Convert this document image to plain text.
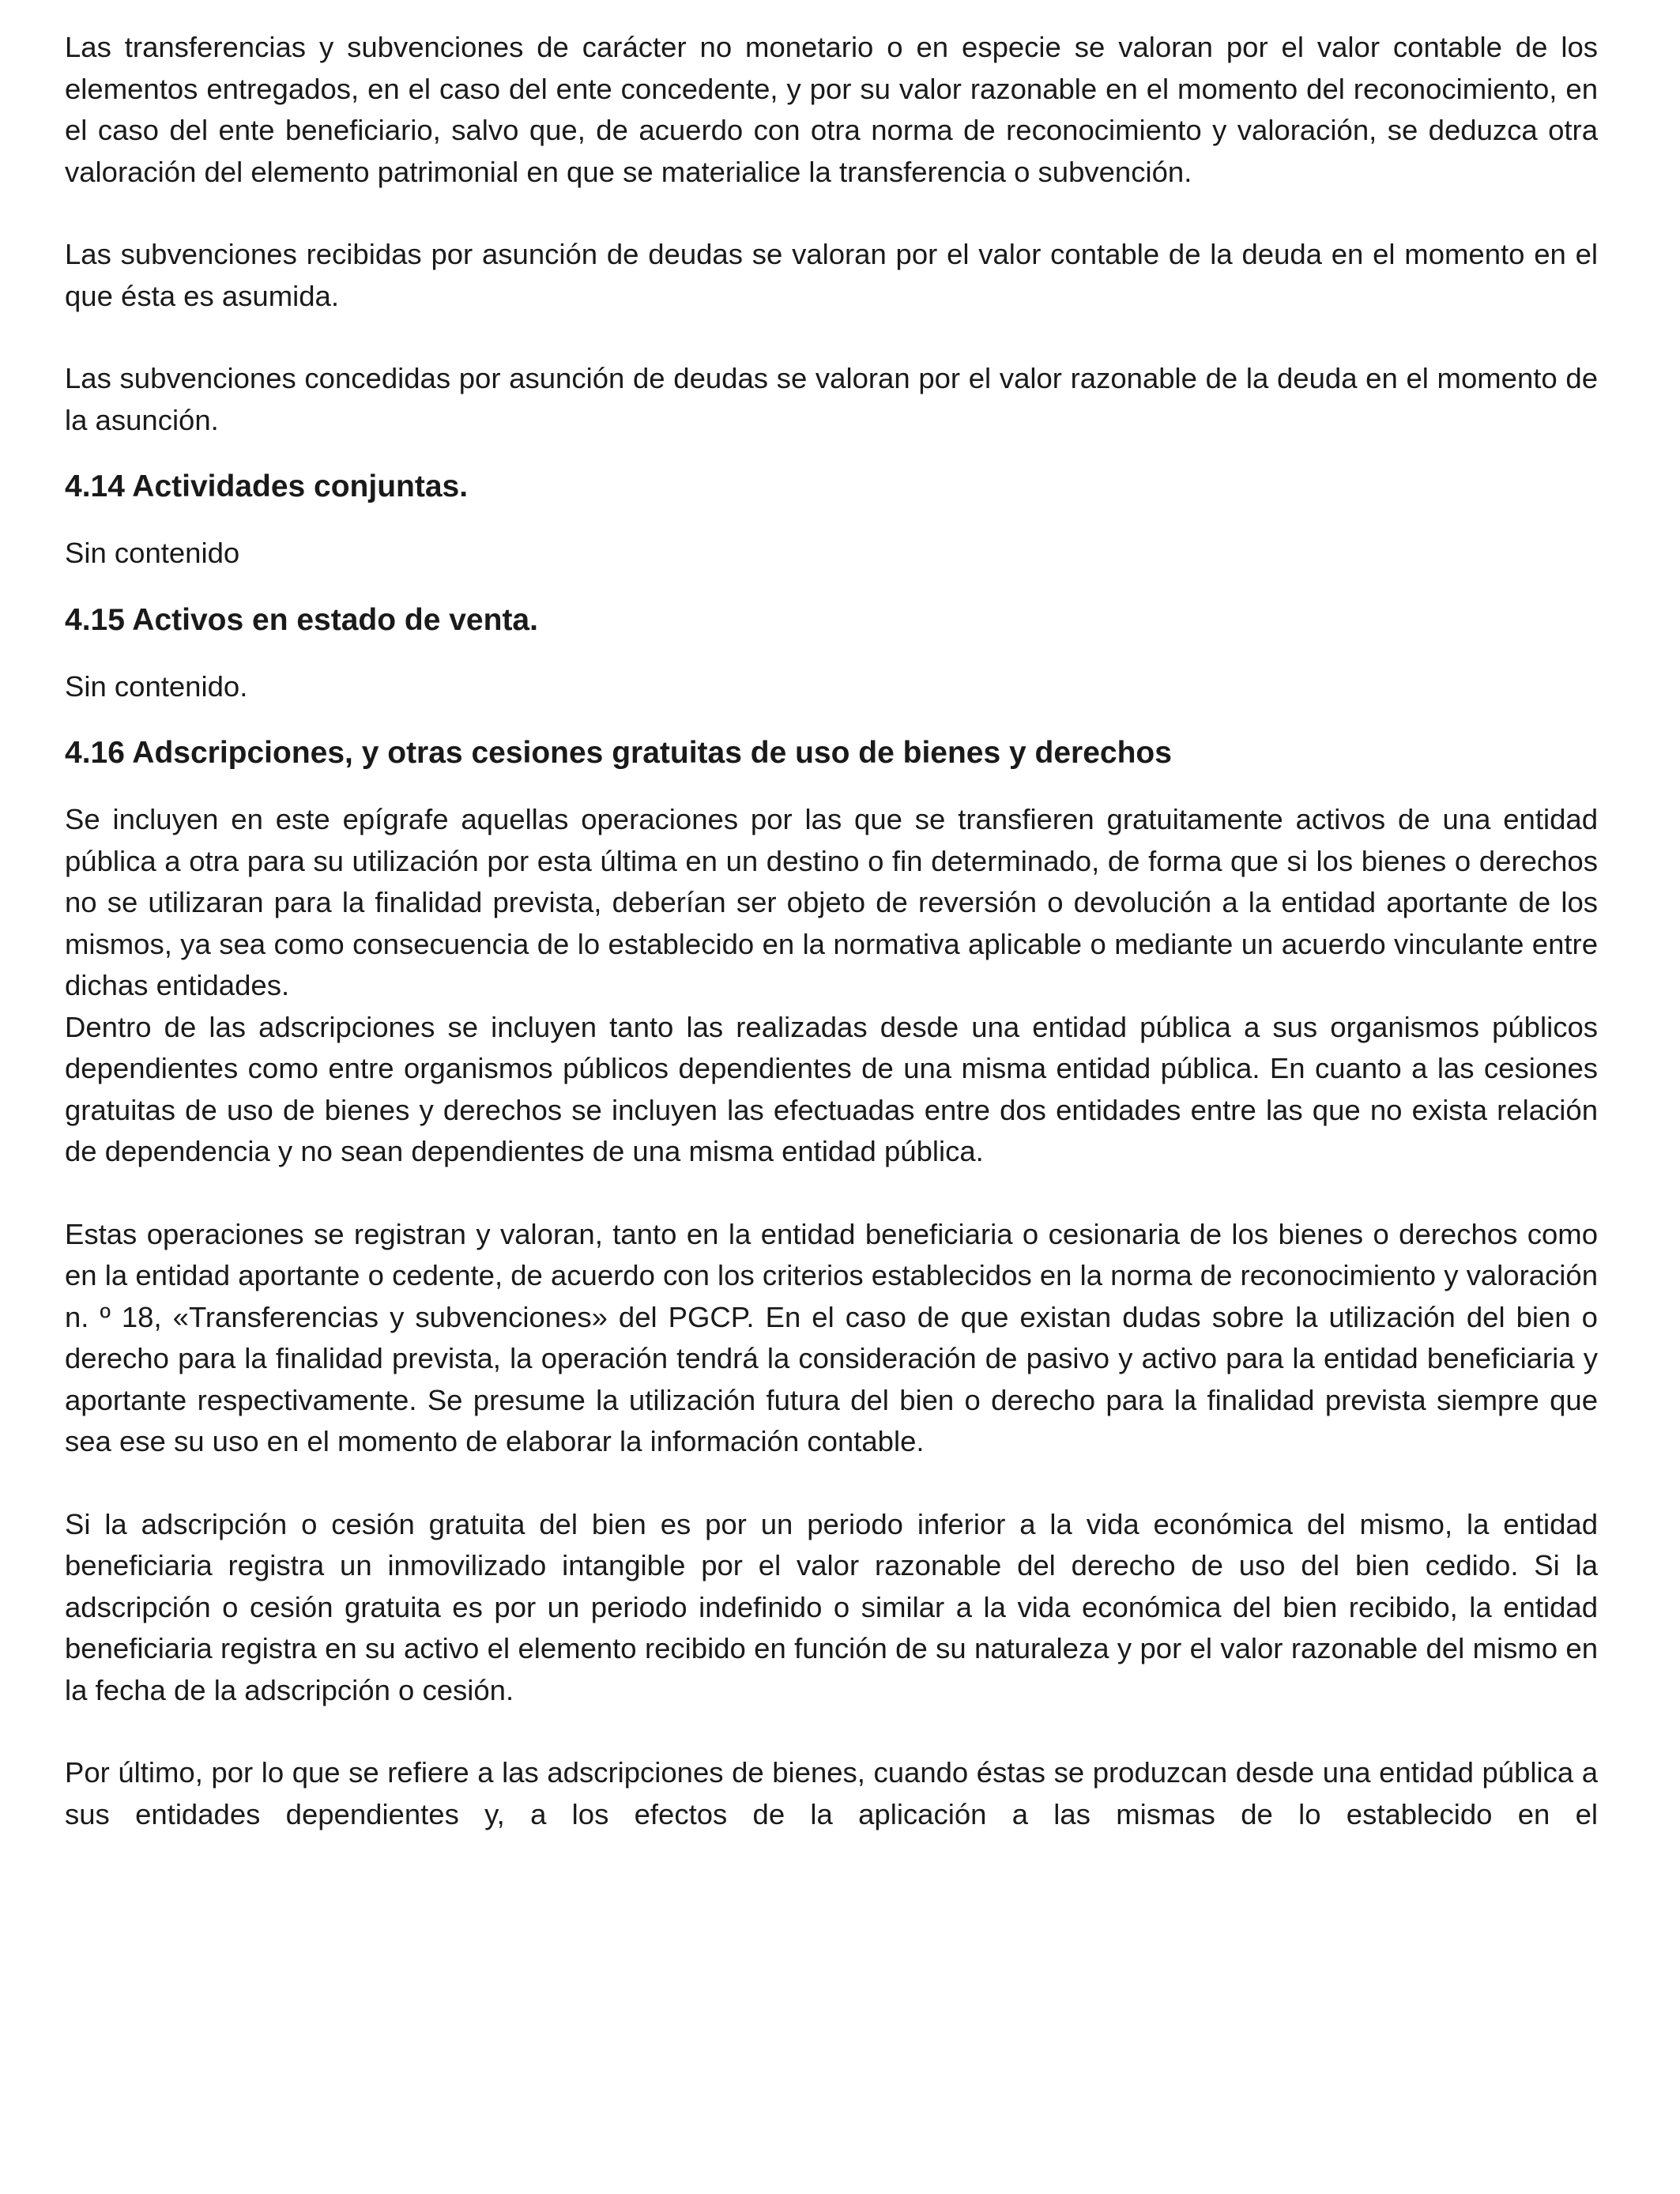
Las transferencias y subvenciones de carácter no monetario o en especie se valoran por el valor contable de los elementos entregados, en el caso del ente concedente, y por su valor razonable en el momento del reconocimiento, en el caso del ente beneficiario, salvo que, de acuerdo con otra norma de reconocimiento y valoración, se deduzca otra valoración del elemento patrimonial en que se materialice la transferencia o subvención.

Las subvenciones recibidas por asunción de deudas se valoran por el valor contable de la deuda en el momento en el que ésta es asumida.

Las subvenciones concedidas por asunción de deudas se valoran por el valor razonable de la deuda en el momento de la asunción.

4.14 Actividades conjuntas.

Sin contenido

4.15 Activos en estado de venta.

Sin contenido.

4.16 Adscripciones, y otras cesiones gratuitas de uso de bienes y derechos

Se incluyen en este epígrafe aquellas operaciones por las que se transfieren gratuitamente activos de una entidad pública a otra para su utilización por esta última en un destino o fin determinado, de forma que si los bienes o derechos no se utilizaran para la finalidad prevista, deberían ser objeto de reversión o devolución a la entidad aportante de los mismos, ya sea como consecuencia de lo establecido en la normativa aplicable o mediante un acuerdo vinculante entre dichas entidades.

Dentro de las adscripciones se incluyen tanto las realizadas desde una entidad pública a sus organismos públicos dependientes como entre organismos públicos dependientes de una misma entidad pública. En cuanto a las cesiones gratuitas de uso de bienes y derechos se incluyen las efectuadas entre dos entidades entre las que no exista relación de dependencia y no sean dependientes de una misma entidad pública.

Estas operaciones se registran y valoran, tanto en la entidad beneficiaria o cesionaria de los bienes o derechos como en la entidad aportante o cedente, de acuerdo con los criterios establecidos en la norma de reconocimiento y valoración n. º 18, «Transferencias y subvenciones» del PGCP. En el caso de que existan dudas sobre la utilización del bien o derecho para la finalidad prevista, la operación tendrá la consideración de pasivo y activo para la entidad beneficiaria y aportante respectivamente. Se presume la utilización futura del bien o derecho para la finalidad prevista siempre que sea ese su uso en el momento de elaborar la información contable.

Si la adscripción o cesión gratuita del bien es por un periodo inferior a la vida económica del mismo, la entidad beneficiaria registra un inmovilizado intangible por el valor razonable del derecho de uso del bien cedido. Si la adscripción o cesión gratuita es por un periodo indefinido o similar a la vida económica del bien recibido, la entidad beneficiaria registra en su activo el elemento recibido en función de su naturaleza y por el valor razonable del mismo en la fecha de la adscripción o cesión.

Por último, por lo que se refiere a las adscripciones de bienes, cuando éstas se produzcan desde una entidad pública a sus entidades dependientes y, a los efectos de la aplicación a las mismas de lo establecido en el
